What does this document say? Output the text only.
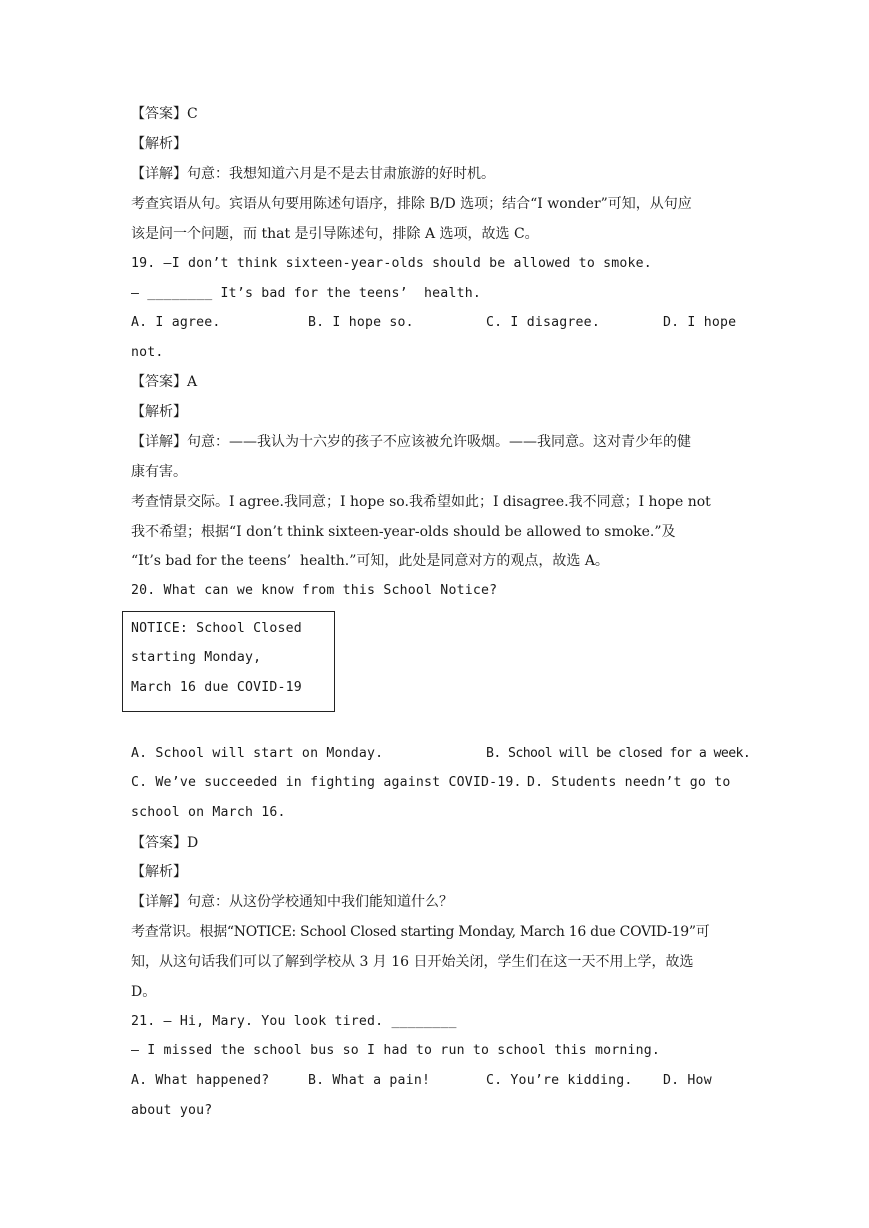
【答案】C
【解析】
【详解】句意：我想知道六月是不是去甘肃旅游的好时机。
考查宾语从句。宾语从句要用陈述句语序，排除 B/D 选项；结合“I wonder”可知，从句应
该是问一个问题，而 that 是引导陈述句，排除 A 选项，故选 C。
19. —I don’t think sixteen-year-olds should be allowed to smoke.
— ________ It’s bad for the teens’  health.
A. I agree.	B. I hope so.	C. I disagree.	D. I hope
not.
【答案】A
【解析】
【详解】句意：——我认为十六岁的孩子不应该被允许吸烟。——我同意。这对青少年的健
康有害。
考查情景交际。I agree.我同意；I hope so.我希望如此；I disagree.我不同意；I hope not
我不希望；根据“I don’t think sixteen-year-olds should be allowed to smoke.”及
“It’s bad for the teens’  health.”可知，此处是同意对方的观点，故选 A。
20. What can we know from this School Notice?
NOTICE: School Closed
starting Monday,
March 16 due COVID-19
A. School will start on Monday.	B. School will be closed for a week.
C. We’ve succeeded in fighting against COVID-19. D. Students needn’t go to
school on March 16.
【答案】D
【解析】
【详解】句意：从这份学校通知中我们能知道什么？
考查常识。根据“NOTICE: School Closed starting Monday, March 16 due COVID-19”可
知，从这句话我们可以了解到学校从 3 月 16 日开始关闭，学生们在这一天不用上学，故选
D。
21. — Hi, Mary. You look tired. ________
— I missed the school bus so I had to run to school this morning.
A. What happened?	B. What a pain!	C. You’re kidding. D. How
about you?
